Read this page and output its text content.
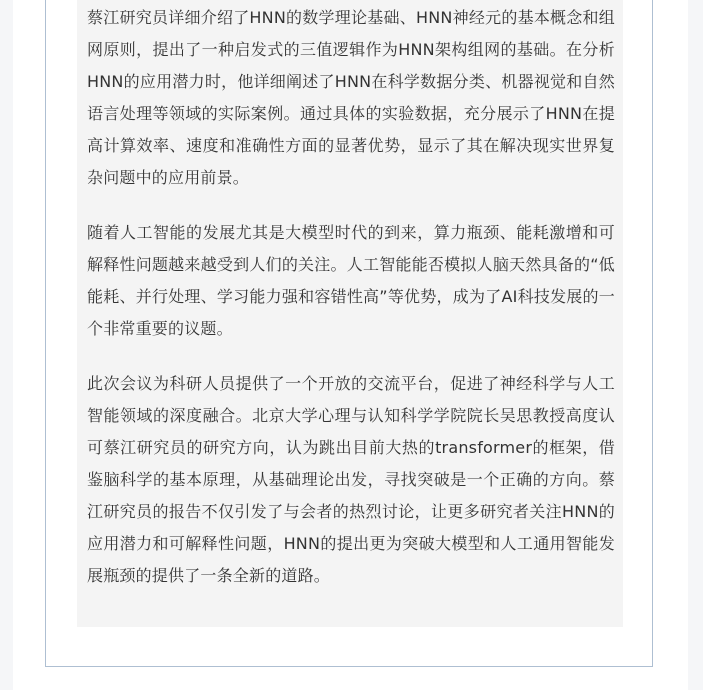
蔡江研究员详细介绍了HNN的数学理论基础、HNN神经元的基本概念和组网原则，提出了一种启发式的三值逻辑作为HNN架构组网的基础。在分析HNN的应用潜力时，他详细阐述了HNN在科学数据分类、机器视觉和自然语言处理等领域的实际案例。通过具体的实验数据，充分展示了HNN在提高计算效率、速度和准确性方面的显著优势，显示了其在解决现实世界复杂问题中的应用前景。

随着人工智能的发展尤其是大模型时代的到来，算力瓶颈、能耗激增和可解释性问题越来越受到人们的关注。人工智能能否模拟人脑天然具备的“低能耗、并行处理、学习能力强和容错性高”等优势，成为了AI科技发展的一个非常重要的议题。

此次会议为科研人员提供了一个开放的交流平台，促进了神经科学与人工智能领域的深度融合。北京大学心理与认知科学学院院长吴思教授高度认可蔡江研究员的研究方向，认为跳出目前大热的transformer的框架，借鉴脑科学的基本原理，从基础理论出发，寻找突破是一个正确的方向。蔡江研究员的报告不仅引发了与会者的热烈讨论，让更多研究者关注HNN的应用潜力和可解释性问题，HNN的提出更为突破大模型和人工通用智能发展瓶颈的提供了一条全新的道路。
